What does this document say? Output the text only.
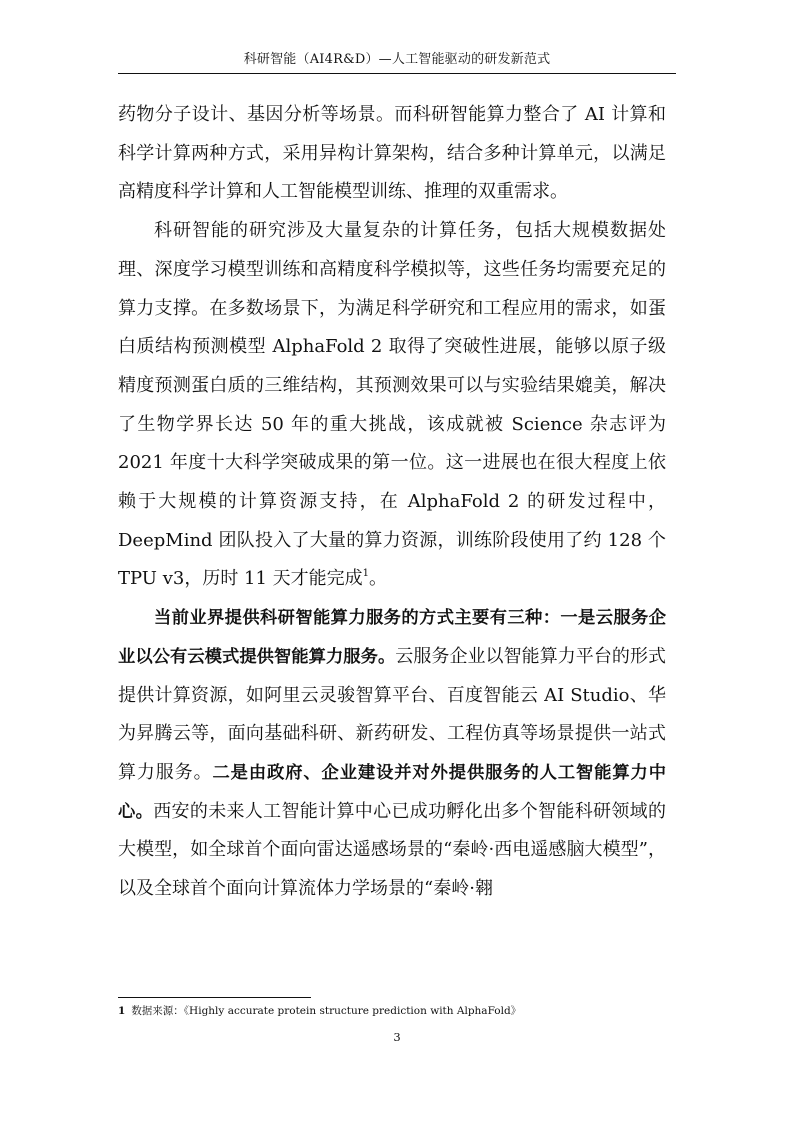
科研智能（AI4R&D）—人工智能驱动的研发新范式

药物分子设计、基因分析等场景。而科研智能算力整合了 AI 计算和科学计算两种方式，采用异构计算架构，结合多种计算单元，以满足高精度科学计算和人工智能模型训练、推理的双重需求。

科研智能的研究涉及大量复杂的计算任务，包括大规模数据处理、深度学习模型训练和高精度科学模拟等，这些任务均需要充足的算力支撑。在多数场景下，为满足科学研究和工程应用的需求，如蛋白质结构预测模型 AlphaFold 2 取得了突破性进展，能够以原子级精度预测蛋白质的三维结构，其预测效果可以与实验结果媲美，解决了生物学界长达 50 年的重大挑战，该成就被 Science 杂志评为 2021 年度十大科学突破成果的第一位。这一进展也在很大程度上依赖于大规模的计算资源支持，在 AlphaFold 2 的研发过程中，DeepMind 团队投入了大量的算力资源，训练阶段使用了约 128 个 TPU v3，历时 11 天才能完成$^1$。

当前业界提供科研智能算力服务的方式主要有三种：一是云服务企业以公有云模式提供智能算力服务。云服务企业以智能算力平台的形式提供计算资源，如阿里云灵骏智算平台、百度智能云 AI Studio、华为昇腾云等，面向基础科研、新药研发、工程仿真等场景提供一站式算力服务。二是由政府、企业建设并对外提供服务的人工智能算力中心。西安的未来人工智能计算中心已成功孵化出多个智能科研领域的大模型，如全球首个面向雷达遥感场景的“秦岭·西电遥感脑大模型”，以及全球首个面向计算流体力学场景的“秦岭·翱

1 数据来源：《Highly accurate protein structure prediction with AlphaFold》
3
